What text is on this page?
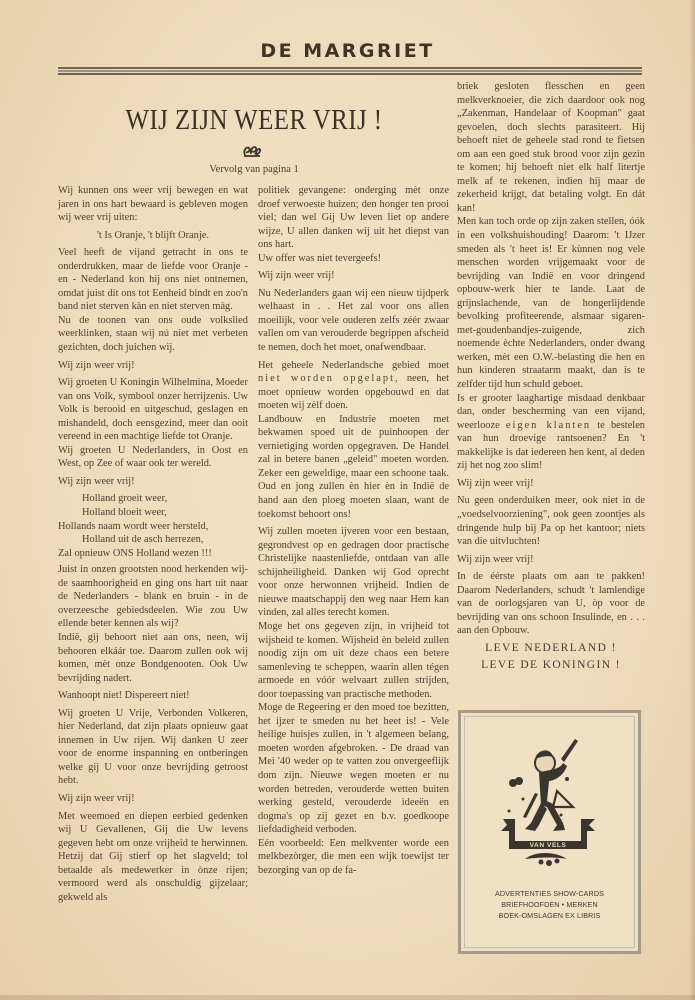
DE MARGRIET
WIJ ZIJN WEER VRIJ !
Vervolg van pagina 1

Wij kunnen ons weer vrij bewegen en wat jaren in ons hart bewaard is gebleven mogen wij weer vrij uiten:

't Is Oranje, 't blijft Oranje.

Veel heeft de vijand getracht in ons te onderdrukken, maar de liefde voor Oranje - en - Nederland kon hij ons niet ontnemen, omdat juist dit ons tot Eenheid bindt en zoo'n band niet sterven kàn en niet sterven màg.

Nu de toonen van ons oude volkslied weerklinken, staan wij nú niet met verbeten gezichten, doch juichen wij.

Wij zijn weer vrij!

Wij groeten U Koningin Wilhelmina, Moeder van ons Volk, symbool onzer herrijzenis. Uw Volk is berooid en uitgeschud, geslagen en mishandeld, doch eensgezind, meer dan ooit vereend in een machtige liefde tot Oranje.

Wij groeten U Nederlanders, in Oost en West, op Zee of waar ook ter wereld.

Wij zijn weer vrij!

Holland groeit weer,
Holland bloeit weer,
Hollands naam wordt weer hersteld,
Holland uit de asch herrezen,
Zal opnieuw ONS Holland wezen !!!

Juist in onzen grootsten nood herkenden wij-de saamhoorigheid en ging ons hart uit naar de Nederlanders - blank en bruin - in de overzeesche gebiedsdeelen. Wie zou Uw ellende beter kennen als wij?

Indië, gij behoort niet aan ons, neen, wij behooren elkáár toe. Daarom zullen ook wij komen, mèt onze Bondgenooten. Ook Uw bevrijding nadert.

Wanhoopt niet! Dispereert niet!

Wij groeten U Vrije, Verbonden Volkeren, hier Nederland, dat zijn plaats opnieuw gaat innemen in Uw rijen. Wij danken U zeer voor de enorme inspanning en ontberingen welke gij U voor onze bevrijding getroost hebt.

Wij zijn weer vrij!

Met weemoed en diepen eerbied gedenken wij U Gevallenen, Gij die Uw levens gegeven hebt om onze vrijheid te herwinnen. Hetzij dat Gij stierf op het slagveld; tol betaalde als medewerker in ònze rijen; vermoord werd als onschuldig gijzelaar; gekweld als

politiek gevangene: onderging mèt onze droef verwoeste huizen; den honger ten prooi viel; dan wel Gij Uw leven liet op andere wijze, U allen danken wij uit het diepst van ons hart.

Uw offer was niet tevergeefs!

Wij zijn weer vrij!

Nu Nederlanders gaan wij een nieuw tijdperk welhaast in . . Het zal voor ons allen moeilijk, voor vele ouderen zelfs zéér zwaar vallen om van verouderde begrippen afscheid te nemen, doch het moet, onafwendbaar.

Het geheele Nederlandsche gebied moet niet worden opgelapt, neen, het moet opnieuw worden opgebouwd en dat moeten wij zèlf doen.

Landbouw en Industrie moeten met bekwamen spoed uit de puinhoopen der vernietiging worden opgegraven. De Handel zal in betere banen „geleid" moeten worden. Zeker een geweldige, maar een schoone taak. Oud en jong zullen èn hier èn in Indië de hand aan den ploeg moeten slaan, want de toekomst behoort ons!

Wij zullen moeten ijveren voor een bestaan, gegrondvest op en gedragen door practische Christelijke naastenliefde, ontdaan van alle schijnheiligheid. Danken wij God oprecht voor onze herwonnen vrijheid. Indien de nieuwe maatschappij den weg naar Hem kan vinden, zal alles terecht komen.

Moge het ons gegeven zijn, in vrijheid tot wijsheid te komen. Wijsheid èn beleid zullen noodig zijn om uit deze chaos een betere samenleving te scheppen, waarin allen tégen armoede en vóór welvaart zullen strijden, door toepassing van practische methoden.

Moge de Regeering er den moed toe bezitten, het ijzer te smeden nu het heet is! - Vele heilige huisjes zullen, in 't algemeen belang, moeten worden afgebroken. - De draad van Mei '40 weder op te vatten zou onvergeeflijk dom zijn. Nieuwe wegen moeten er nu worden betreden, verouderde wetten buiten werking gesteld, verouderde ideeën en dogma's op zij gezet en b.v. goedkoope liefdadigheid verboden.

Eén voorbeeld: Een melkventer worde een melkbezòrger, die men een wijk toewijst ter bezorging van op de fa-

briek gesloten flesschen en geen melkverknoeier, die zich daardoor ook nog „Zakenman, Handelaar of Koopman" gaat gevoelen, doch slechts parasiteert. Hij behoeft niet de geheele stad rond te fietsen om aan een goed stuk brood voor zijn gezin te komen; hij behoeft niet elk half litertje melk af te rekenen, indien hij maar de zekerheid krijgt, dat betaling volgt. En dát kan!

Men kan toch orde op zijn zaken stellen, óók in een volkshuishouding! Daarom: 't IJzer smeden als 't heet is! Er kùnnen nog vele menschen worden vrijgemaakt voor de bevrijding van Indië en voor dringend opbouw-werk hier te lande. Laat de grijnslachende, van de hongerlijdende bevolking profiteerende, alsmaar sigaren-met-goudenbandjes-zuigende, zich noemende èchte Nederlanders, onder dwang werken, mèt een O.W.-belasting die hen en hun kinderen straatarm maakt, dan is te zelfder tijd hun schuld geboet.

Is er grooter laaghartige misdaad denkbaar dan, onder bescherming van een vijand, weerlooze eigen klanten te bestelen van hun droevige rantsoenen? En 't makkelijke is dat iedereen hen kent, al deden zij het nog zoo slim!

Wij zijn weer vrij!

Nu geen onderduiken meer, ook niet in de „voedselvoorziening", ook geen zoontjes als dringende hulp bij Pa op het kantoor; niets van die uitvluchten!

Wij zijn weer vrij!

In de éérste plaats om aan te pakken! Daarom Nederlanders, schudt 't lamlendige van de oorlogsjaren van U, òp voor de bevrijding van ons schoon Insulinde, en . . . aan den Opbouw.

LEVE NEDERLAND !

LEVE DE KONINGIN !

VAN VELS
ADVERTENTIES SHOW-CARDS
BRIEFHOOFDEN • MERKEN
BOEK-OMSLAGEN EX LIBRIS
